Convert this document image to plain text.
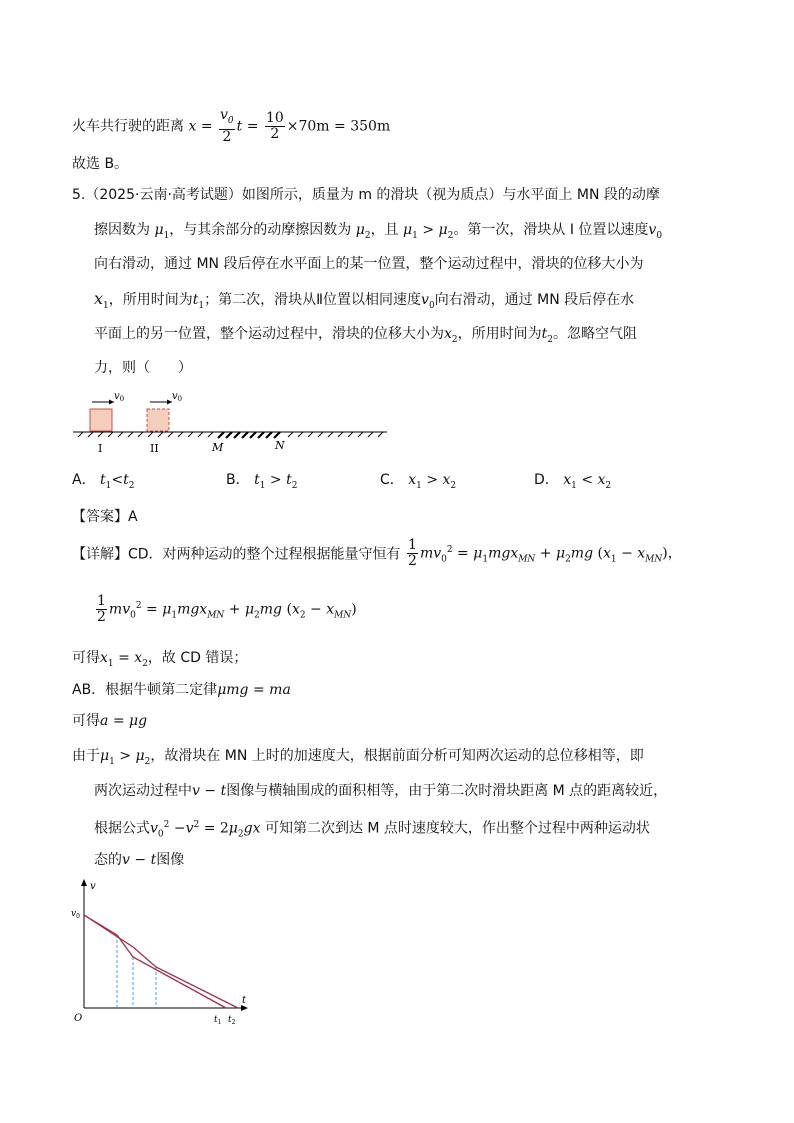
火车共行驶的距离 $x = \frac{v_0}{2}$ $t = \frac{10}{2} \times 70m = 350m$
故选 B。
5.（2025·云南·高考试题）如图所示，质量为 m 的滑块（视为质点）与水平面上 MN 段的动摩
擦因数为 $\mu_1$，与其余部分的动摩擦因数为 $\mu_2$，且 $\mu_1 > \mu_2$。第一次，滑块从 Ⅰ 位置以速度$v_0$
向右滑动，通过 MN 段后停在水平面上的某一位置，整个运动过程中，滑块的位移大小为
$x_1$，所用时间为$t_1$；第二次，滑块从Ⅱ位置以相同速度$v_0$向右滑动，通过 MN 段后停在水
平面上的另一位置，整个运动过程中，滑块的位移大小为$x_2$，所用时间为$t_2$。忽略空气阻
力，则（　　）
$v_0$	$v_0$
I	II	M	N
A． $t_1<t_2$	B． $t_1 > t_2$	C． $x_1 > x_2$	D． $x_1 < x_2$
【答案】A
【详解】CD．对两种运动的整个过程根据能量守恒有 $\frac{1}{2} mv_0^2 = \mu_1mgx_{MN} + \mu_2mg$ $(x_1 - x_{MN})$，
$\frac{1}{2} mv_0^2 = \mu_1mgx_{MN} + \mu_2mg$ $(x_2 - x_{MN})$
可得$x_1 = x_2$，故 CD 错误；
AB．根据牛顿第二定律μmg = ma
可得a = μg
由于$\mu_1 > \mu_2$，故滑块在 MN 上时的加速度大，根据前面分析可知两次运动的总位移相等，即
两次运动过程中v − t图像与横轴围成的面积相等，由于第二次时滑块距离 M 点的距离较近，
根据公式$v_0^2 -v^2 = 2\mu_2gx$ 可知第二次到达 M 点时速度较大，作出整个过程中两种运动状
态的v − t图像
v
t
O
$v_0$
$t_1$ $t_2$
